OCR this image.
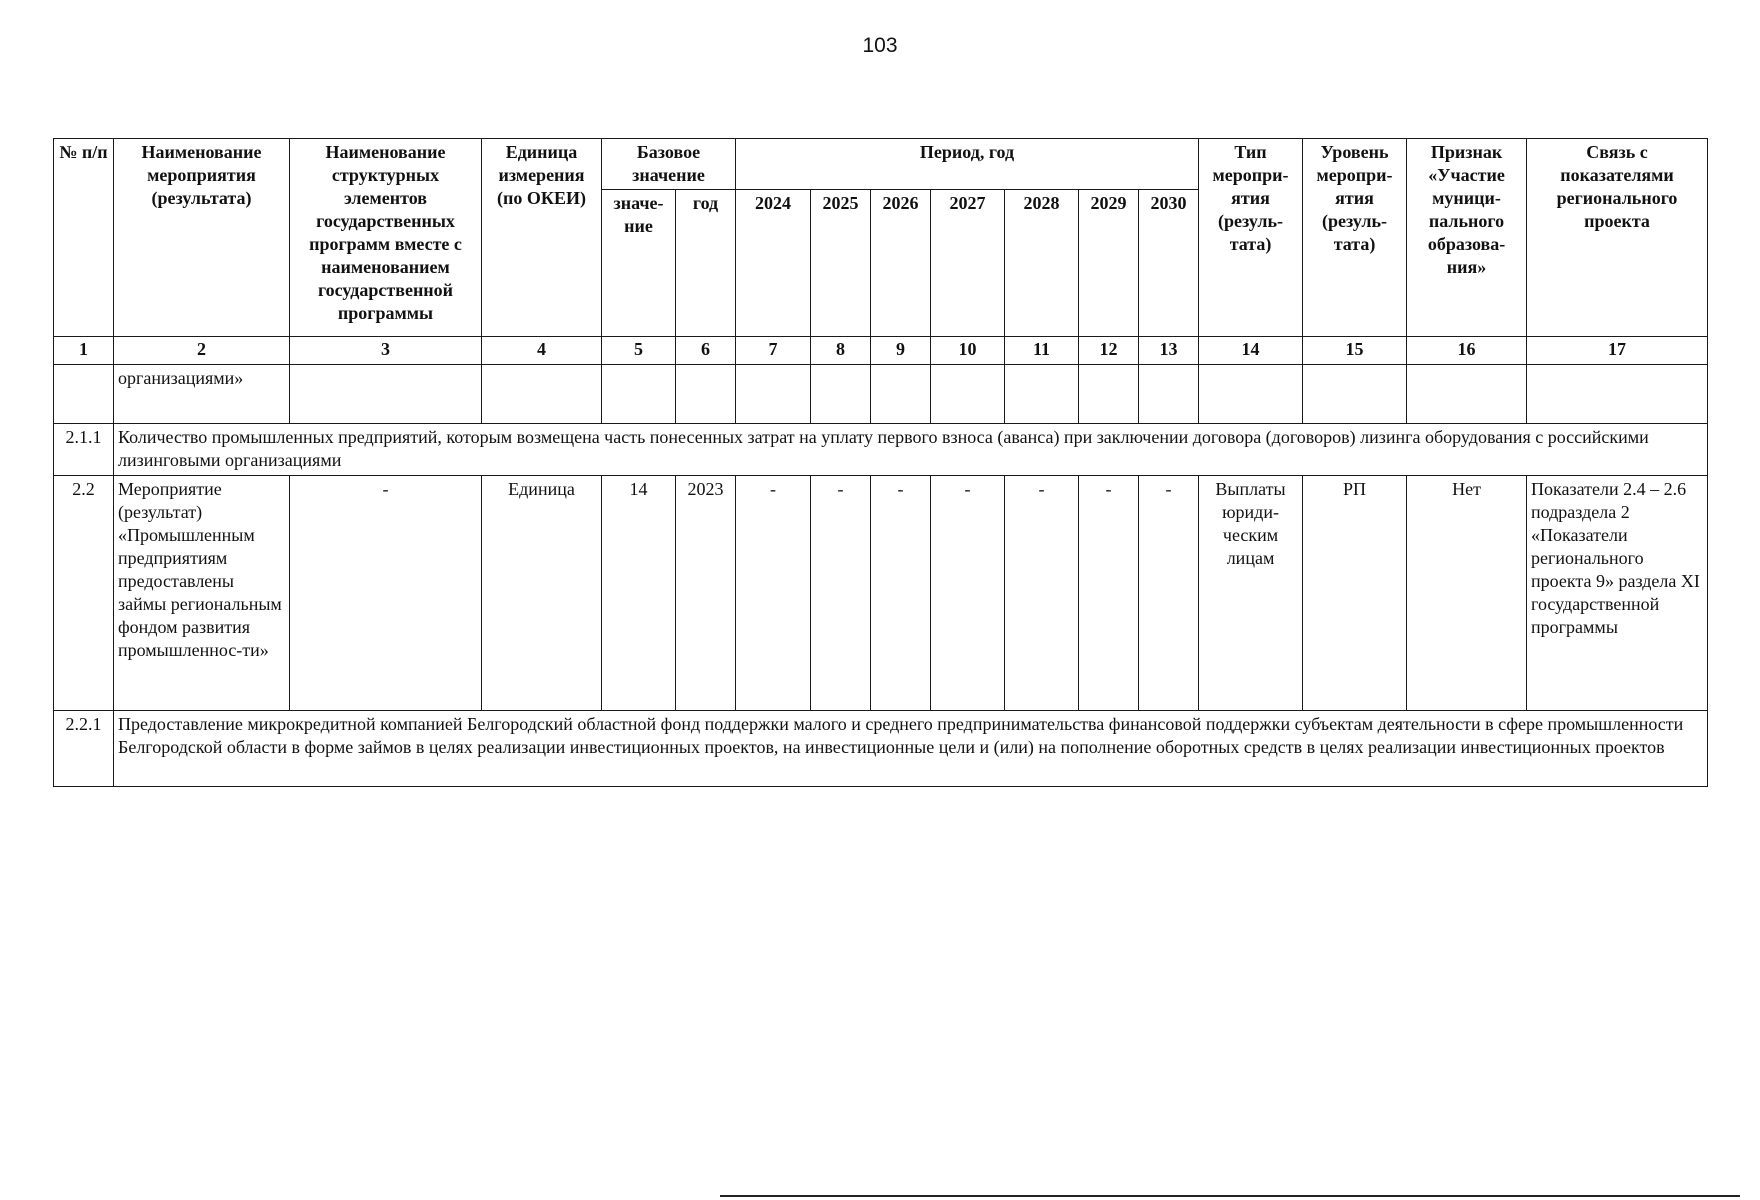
103
№ п/п	Наименование мероприятия (результата)	Наименование структурных элементов государственных программ вместе с наименованием государственной программы	Единица измерения (по ОКЕИ)	Базовое значение		Период, год							Тип меропри-ятия (резуль-тата)	Уровень меропри-ятия (резуль-тата)	Признак «Участие муници-пального образова-ния»	Связь с показателями регионального проекта
				значе-ние	год	2024	2025	2026	2027	2028	2029	2030				
1	2	3	4	5	6	7	8	9	10	11	12	13	14	15	16	17
	организациями»															
2.1.1	Количество промышленных предприятий, которым возмещена часть понесенных затрат на уплату первого взноса (аванса) при заключении договора (договоров) лизинга оборудования с российскими лизинговыми организациями															
2.2	Мероприятие (результат) «Промышленным предприятиям предоставлены займы региональным фондом развития промышленнос-ти»	-	Единица	14	2023	-	-	-	-	-	-	-	Выплаты юриди-ческим лицам	РП	Нет	Показатели 2.4 – 2.6 подраздела 2 «Показатели регионального проекта 9» раздела XI государственной программы
2.2.1	Предоставление микрокредитной компанией Белгородский областной фонд поддержки малого и среднего предпринимательства финансовой поддержки субъектам деятельности в сфере промышленности Белгородской области в форме займов в целях реализации инвестиционных проектов, на инвестиционные цели и (или) на пополнение оборотных средств в целях реализации инвестиционных проектов															
